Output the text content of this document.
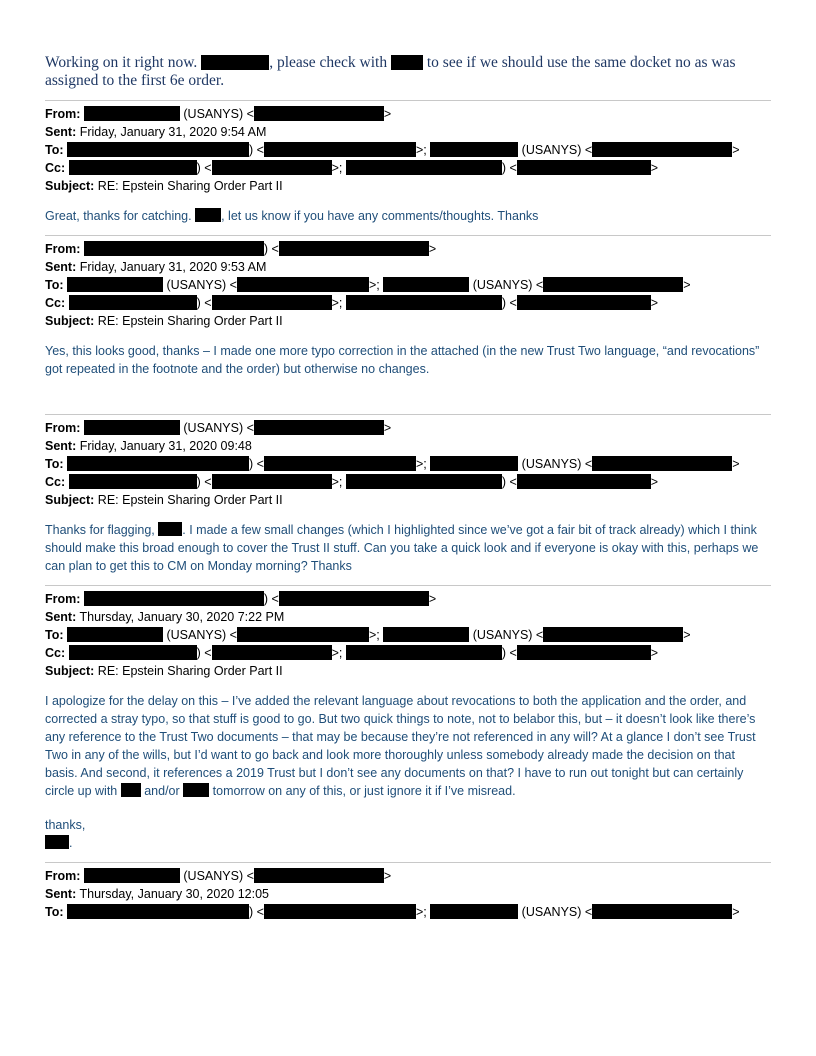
Working on it right now.	, please check with	to see if we should use the same docket no as was assigned to the first 6e order.
From:	(USANYS) <	>
Sent: Friday, January 31, 2020 9:54 AM
To:	) <	>;	(USANYS) <	>
Cc:	) <	>;	) <	>
Subject: RE: Epstein Sharing Order Part II
Great, thanks for catching. , let us know if you have any comments/thoughts. Thanks
From:	) <	>
Sent: Friday, January 31, 2020 9:53 AM
To:	(USANYS) <	>;	(USANYS) <	>
Cc:	) <	>;	) <	>
Subject: RE: Epstein Sharing Order Part II
Yes, this looks good, thanks – I made one more typo correction in the attached (in the new Trust Two language, “and revocations” got repeated in the footnote and the order) but otherwise no changes.
From:	(USANYS) <	>
Sent: Friday, January 31, 2020 09:48
To:	) <	>;	(USANYS) <	>
Cc:	) <	>;	) <	>
Subject: RE: Epstein Sharing Order Part II
Thanks for flagging, . I made a few small changes (which I highlighted since we’ve got a fair bit of track already) which I think should make this broad enough to cover the Trust II stuff. Can you take a quick look and if everyone is okay with this, perhaps we can plan to get this to CM on Monday morning? Thanks
From:	) <	>
Sent: Thursday, January 30, 2020 7:22 PM
To:	(USANYS) <	>;	(USANYS) <	>
Cc:	) <	>;	) <	>
Subject: RE: Epstein Sharing Order Part II
I apologize for the delay on this – I’ve added the relevant language about revocations to both the application and the order, and corrected a stray typo, so that stuff is good to go. But two quick things to note, not to belabor this, but – it doesn’t look like there’s any reference to the Trust Two documents – that may be because they’re not referenced in any will? At a glance I don’t see Trust Two in any of the wills, but I’d want to go back and look more thoroughly unless somebody already made the decision on that basis. And second, it references a 2019 Trust but I don’t see any documents on that? I have to run out tonight but can certainly circle up with and/or	tomorrow on any of this, or just ignore it if I’ve misread.
thanks,
.
From:	(USANYS) <	>
Sent: Thursday, January 30, 2020 12:05
To:	) <	>;	(USANYS) <	>
